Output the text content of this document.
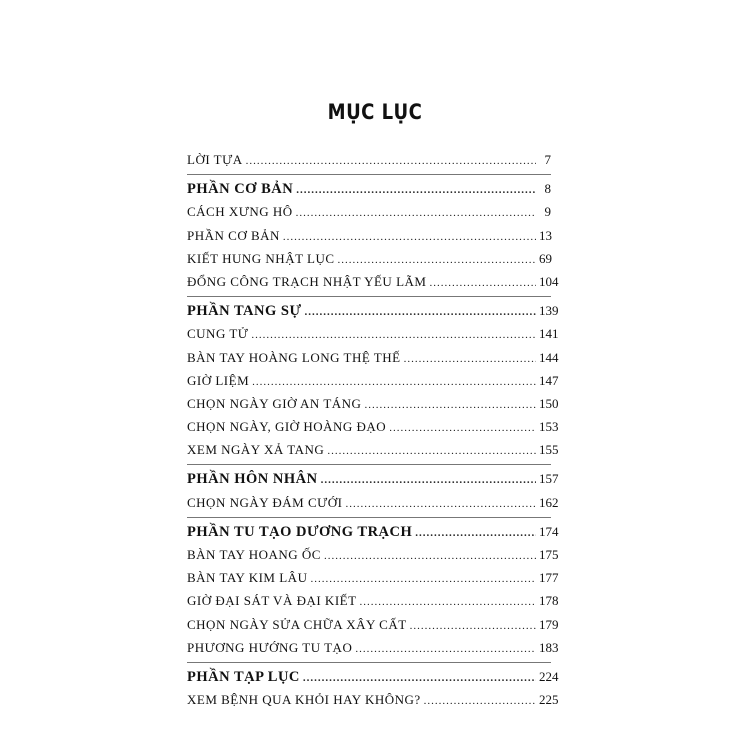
MỤC LỤC
LỜI TỰA .....	7
PHẦN CƠ BẢN .....	8
CÁCH XƯNG HÔ .....	9
PHẦN CƠ BẢN .....	13
KIẾT HUNG NHẬT LỤC .....	69
ĐỔNG CÔNG TRẠCH NHẬT YẾU LÃM .....	104
PHẦN TANG SỰ .....	139
CUNG TỬ .....	141
BÀN TAY HOÀNG LONG THỆ THẾ .....	144
GIỜ LIỆM .....	147
CHỌN NGÀY GIỜ AN TÁNG .....	150
CHỌN NGÀY, GIỜ HOÀNG ĐẠO .....	153
XEM NGÀY XẢ TANG .....	155
PHẦN HÔN NHÂN .....	157
CHỌN NGÀY ĐÁM CƯỚI .....	162
PHẦN TU TẠO DƯƠNG TRẠCH .....	174
BÀN TAY HOANG ỐC .....	175
BÀN TAY KIM LÂU .....	177
GIỜ ĐẠI SÁT VÀ ĐẠI KIẾT .....	178
CHỌN NGÀY SỬA CHỮA XÂY CẤT .....	179
PHƯƠNG HƯỚNG TU TẠO .....	183
PHẦN TẠP LỤC .....	224
XEM BỆNH QUA KHỎI HAY KHÔNG? .....	225
